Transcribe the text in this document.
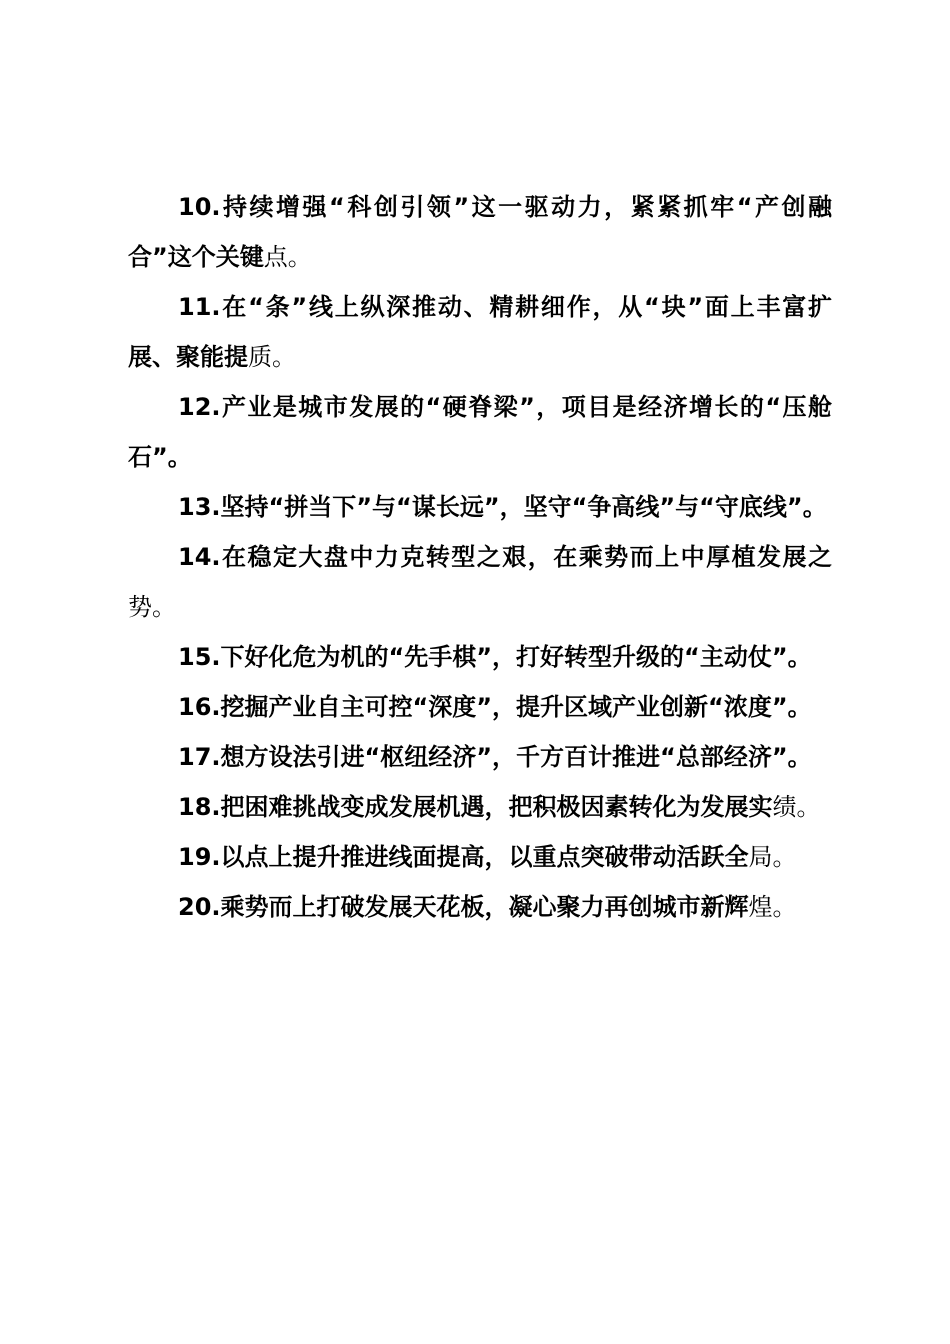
10.持续增强“科创引领”这一驱动力，紧紧抓牢“产创融合”这个关键点。

11.在“条”线上纵深推动、精耕细作，从“块”面上丰富扩展、聚能提质。

12.产业是城市发展的“硬脊梁”，项目是经济增长的“压舱石”。

13.坚持“拼当下”与“谋长远”，坚守“争高线”与“守底线”。

14.在稳定大盘中力克转型之艰，在乘势而上中厚植发展之势。

15.下好化危为机的“先手棋”，打好转型升级的“主动仗”。

16.挖掘产业自主可控“深度”，提升区域产业创新“浓度”。

17.想方设法引进“枢纽经济”，千方百计推进“总部经济”。

18.把困难挑战变成发展机遇，把积极因素转化为发展实绩。

19.以点上提升推进线面提高，以重点突破带动活跃全局。

20.乘势而上打破发展天花板，凝心聚力再创城市新辉煌。
